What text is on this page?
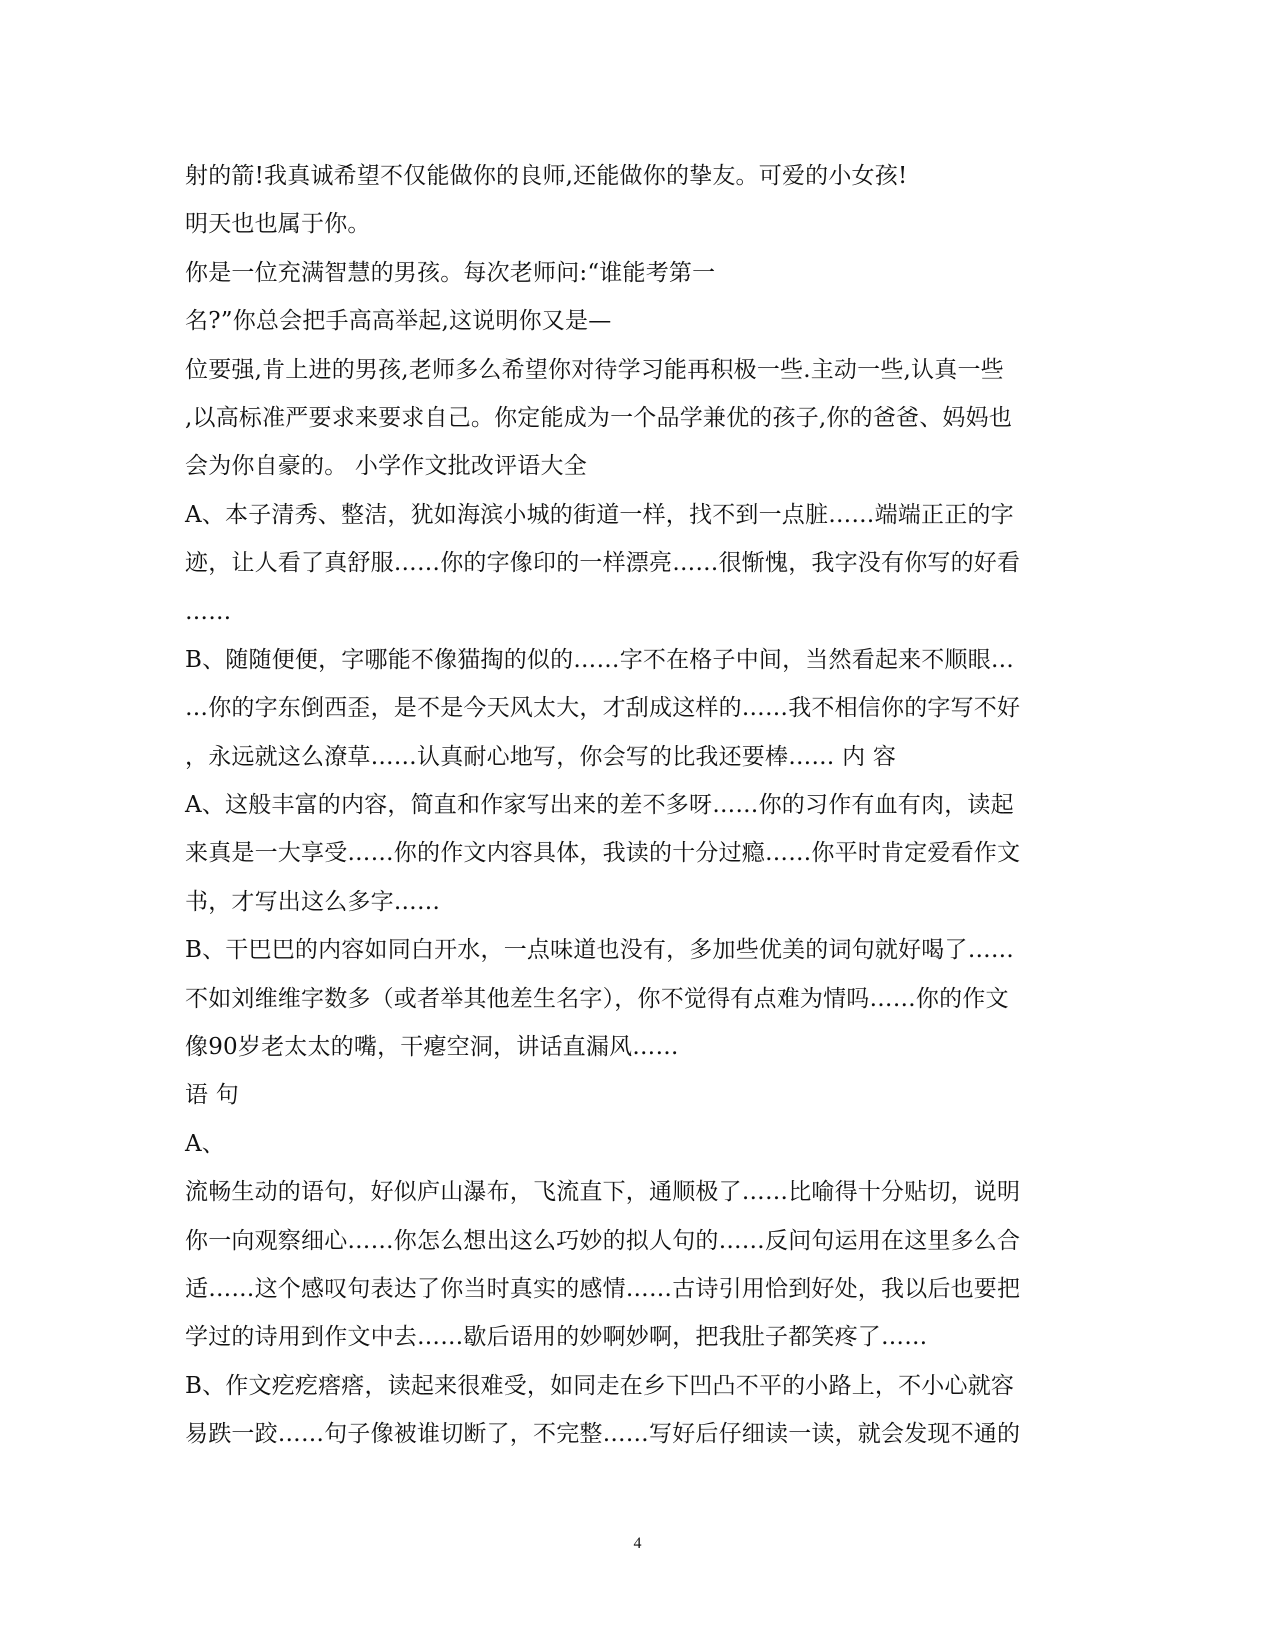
射的箭!我真诚希望不仅能做你的良师,还能做你的挚友。可爱的小女孩!
明天也也属于你。
你是一位充满智慧的男孩。每次老师问:“谁能考第一
名?”你总会把手高高举起,这说明你又是—
位要强,肯上进的男孩,老师多么希望你对待学习能再积极一些.主动一些,认真一些
,以高标准严要求来要求自己。你定能成为一个品学兼优的孩子,你的爸爸、妈妈也
会为你自豪的。 小学作文批改评语大全
A、本子清秀、整洁，犹如海滨小城的街道一样，找不到一点脏……端端正正的字
迹，让人看了真舒服……你的字像印的一样漂亮……很惭愧，我字没有你写的好看
……
B、随随便便，字哪能不像猫掏的似的……字不在格子中间，当然看起来不顺眼…
…你的字东倒西歪，是不是今天风太大，才刮成这样的……我不相信你的字写不好
，永远就这么潦草……认真耐心地写，你会写的比我还要棒…… 内 容
A、这般丰富的内容，简直和作家写出来的差不多呀……你的习作有血有肉，读起
来真是一大享受……你的作文内容具体，我读的十分过瘾……你平时肯定爱看作文
书，才写出这么多字……
B、干巴巴的内容如同白开水，一点味道也没有，多加些优美的词句就好喝了……
不如刘维维字数多（或者举其他差生名字），你不觉得有点难为情吗……你的作文
像90岁老太太的嘴，干瘪空洞，讲话直漏风……
语 句
A、
流畅生动的语句，好似庐山瀑布，飞流直下，通顺极了……比喻得十分贴切，说明
你一向观察细心……你怎么想出这么巧妙的拟人句的……反问句运用在这里多么合
适……这个感叹句表达了你当时真实的感情……古诗引用恰到好处，我以后也要把
学过的诗用到作文中去……歇后语用的妙啊妙啊，把我肚子都笑疼了……
B、作文疙疙瘩瘩，读起来很难受，如同走在乡下凹凸不平的小路上，不小心就容
易跌一跤……句子像被谁切断了，不完整……写好后仔细读一读，就会发现不通的
4
